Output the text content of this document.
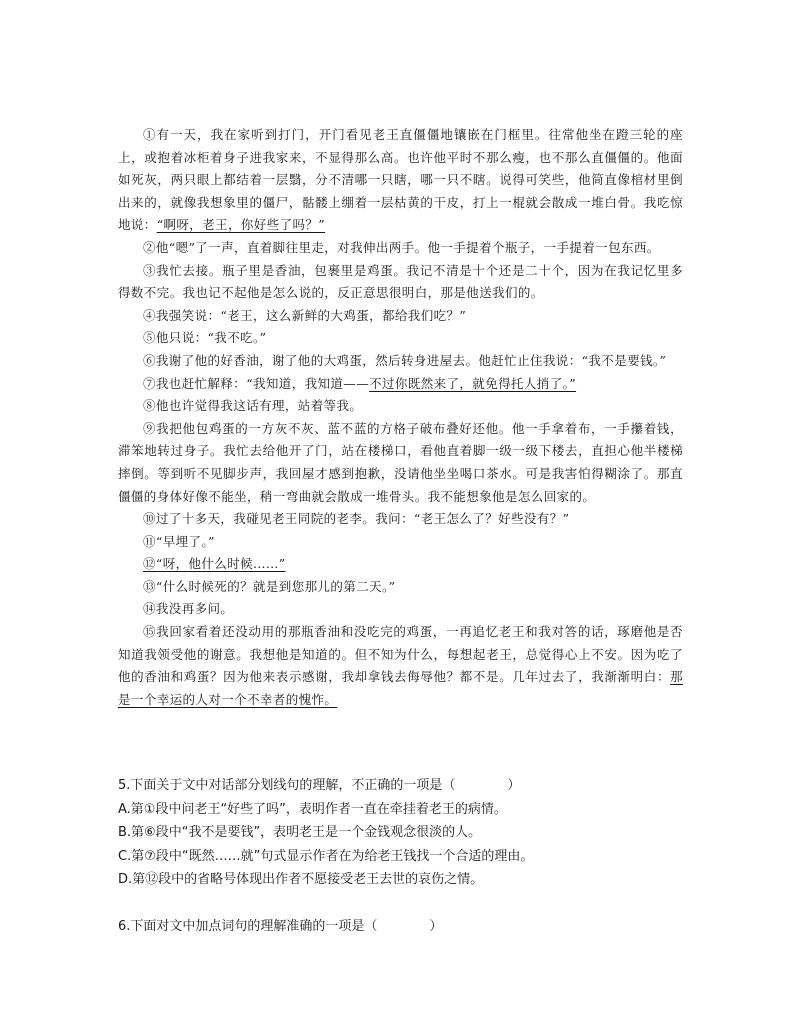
①有一天，我在家听到打门，开门看见老王直僵僵地镶嵌在门框里。往常他坐在蹬三轮的座上，或抱着冰柜着身子进我家来，不显得那么高。也许他平时不那么瘦，也不那么直僵僵的。他面如死灰，两只眼上都结着一层翳，分不清哪一只瞎，哪一只不瞎。说得可笑些，他简直像棺材里倒出来的，就像我想象里的僵尸，骷髅上绷着一层枯黄的干皮，打上一棍就会散成一堆白骨。我吃惊地说：“啊呀，老王，你好些了吗？”

②他“嗯”了一声，直着脚往里走，对我伸出两手。他一手提着个瓶子，一手提着一包东西。

③我忙去接。瓶子里是香油，包裹里是鸡蛋。我记不清是十个还是二十个，因为在我记忆里多得数不完。我也记不起他是怎么说的，反正意思很明白，那是他送我们的。

④我强笑说：“老王，这么新鲜的大鸡蛋，都给我们吃？”

⑤他只说：“我不吃。”

⑥我谢了他的好香油，谢了他的大鸡蛋，然后转身进屋去。他赶忙止住我说：“我不是要钱。”

⑦我也赶忙解释：“我知道，我知道——不过你既然来了，就免得托人捎了。”

⑧他也许觉得我这话有理，站着等我。

⑨我把他包鸡蛋的一方灰不灰、蓝不蓝的方格子破布叠好还他。他一手拿着布，一手攥着钱，滞笨地转过身子。我忙去给他开了门，站在楼梯口，看他直着脚一级一级下楼去，直担心他半楼梯摔倒。等到听不见脚步声，我回屋才感到抱歉，没请他坐坐喝口茶水。可是我害怕得糊涂了。那直僵僵的身体好像不能坐，稍一弯曲就会散成一堆骨头。我不能想象他是怎么回家的。

⑩过了十多天，我碰见老王同院的老李。我问：“老王怎么了？好些没有？”

⑪“早埋了。”

⑫“呀，他什么时候……”

⑬“什么时候死的？就是到您那儿的第二天。”

⑭我没再多问。

⑮我回家看着还没动用的那瓶香油和没吃完的鸡蛋，一再追忆老王和我对答的话，琢磨他是否知道我领受他的谢意。我想他是知道的。但不知为什么，每想起老王，总觉得心上不安。因为吃了他的香油和鸡蛋？因为他来表示感谢，我却拿钱去侮辱他？都不是。几年过去了，我渐渐明白：那是一个幸运的人对一个不幸者的愧怍。

5.下面关于文中对话部分划线句的理解，不正确的一项是（　　　　）

A.第①段中问老王“好些了吗”，表明作者一直在牵挂着老王的病情。

B.第⑥段中“我不是要钱”，表明老王是一个金钱观念很淡的人。

C.第⑦段中“既然……就”句式显示作者在为给老王钱找一个合适的理由。

D.第⑫段中的省略号体现出作者不愿接受老王去世的哀伤之情。

6.下面对文中加点词句的理解准确的一项是（　　　　）
